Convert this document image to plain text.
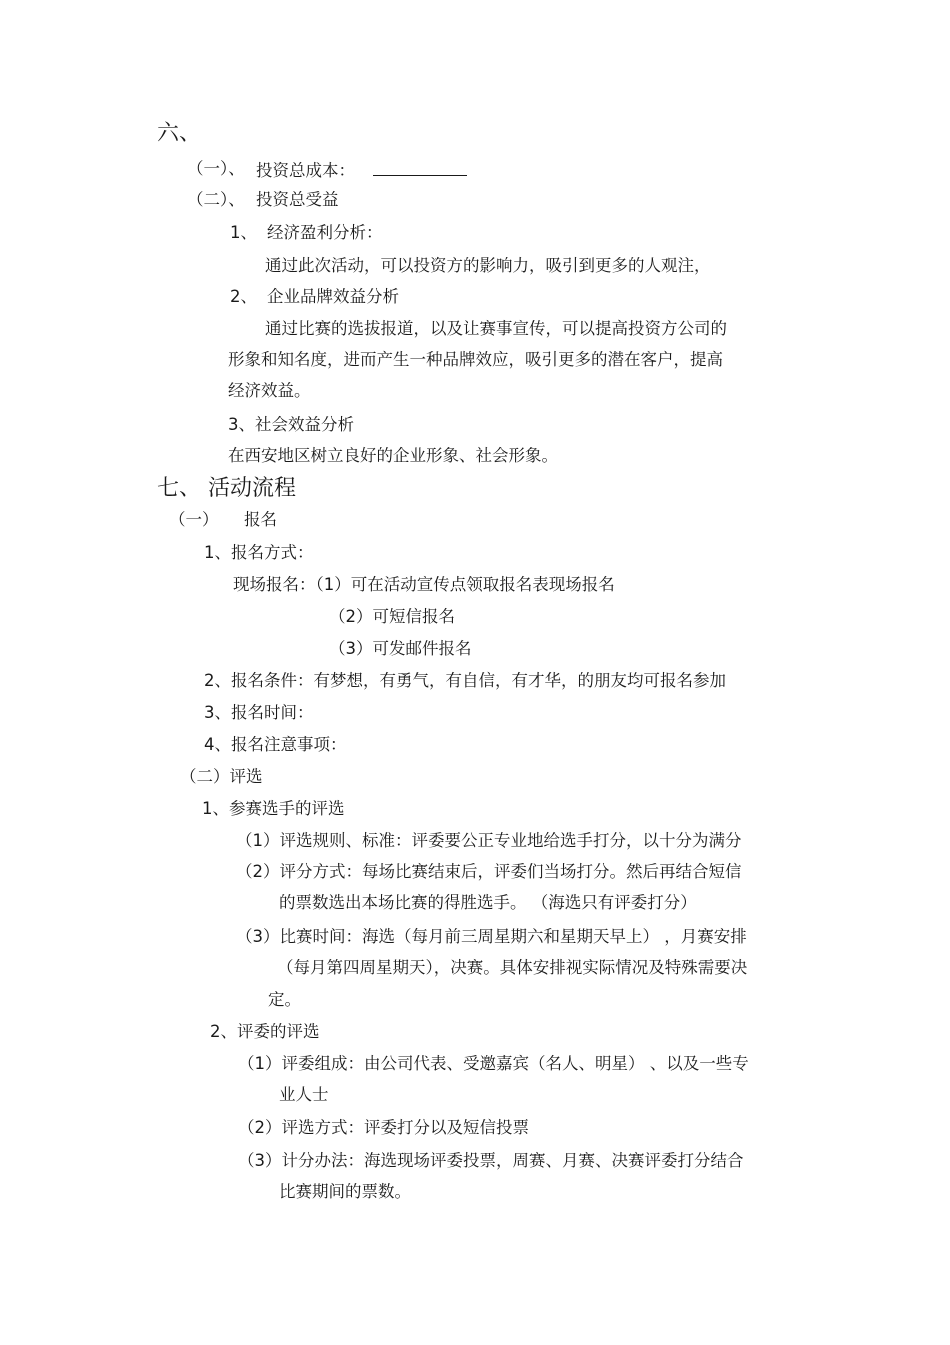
六、
（一）、 投资总成本：
（二）、 投资总受益
1、 经济盈利分析：
通过此次活动，可以投资方的影响力，吸引到更多的人观注，
2、 企业品牌效益分析
通过比赛的选拔报道，以及让赛事宣传，可以提高投资方公司的
形象和知名度，进而产生一种品牌效应，吸引更多的潜在客户，提高
经济效益。
3、社会效益分析
在西安地区树立良好的企业形象、社会形象。
七、 活动流程
（一） 报名
1、报名方式：
现场报名：（1）可在活动宣传点领取报名表现场报名
（2）可短信报名
（3）可发邮件报名
2、报名条件：有梦想，有勇气，有自信，有才华，的朋友均可报名参加
3、报名时间：
4、报名注意事项：
（二）评选
1、参赛选手的评选
（1）评选规则、标准：评委要公正专业地给选手打分，以十分为满分
（2）评分方式：每场比赛结束后，评委们当场打分。然后再结合短信
的票数选出本场比赛的得胜选手。 （海选只有评委打分）
（3）比赛时间：海选（每月前三周星期六和星期天早上） ，月赛安排
（每月第四周星期天），决赛。具体安排视实际情况及特殊需要决
定。
2、评委的评选
（1）评委组成：由公司代表、受邀嘉宾（名人、明星） 、以及一些专
业人士
（2）评选方式：评委打分以及短信投票
（3）计分办法：海选现场评委投票，周赛、月赛、决赛评委打分结合
比赛期间的票数。
